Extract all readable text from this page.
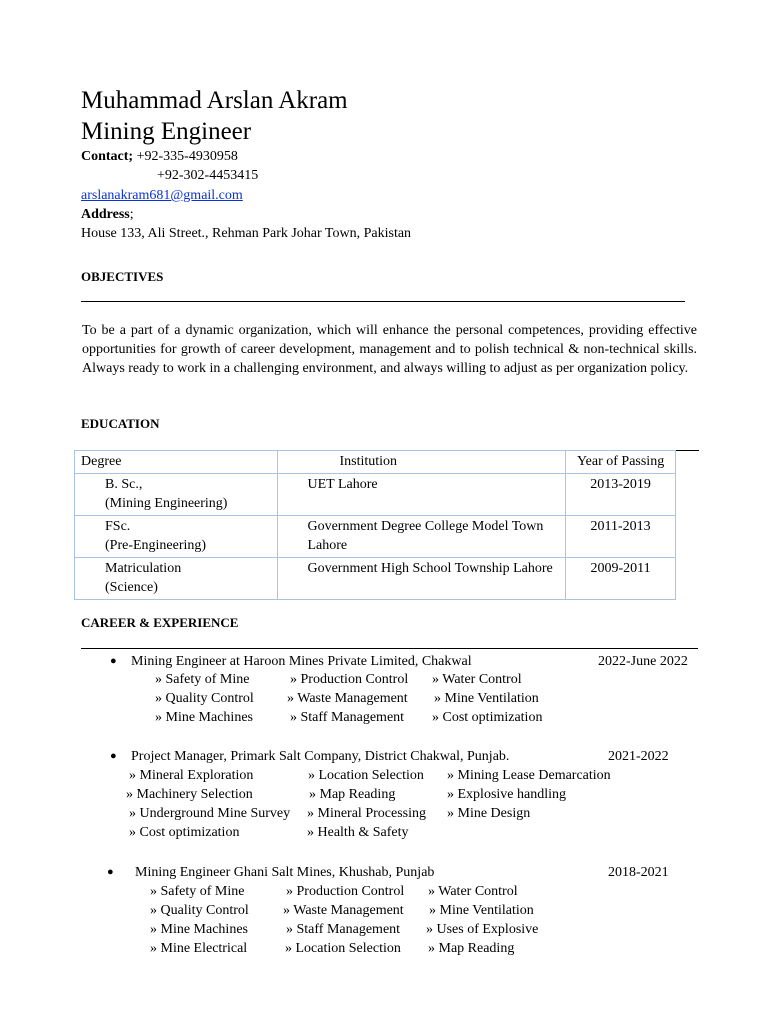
Muhammad Arslan Akram
Mining Engineer
Contact; +92-335-4930958
+92-302-4453415
arslanakram681@gmail.com
Address;
House 133, Ali Street., Rehman Park Johar Town, Pakistan
OBJECTIVES
To be a part of a dynamic organization, which will enhance the personal competences, providing effective opportunities for growth of career development, management and to polish technical & non-technical skills. Always ready to work in a challenging environment, and always willing to adjust as per organization policy.
EDUCATION
Degree	Institution	Year of Passing

B. Sc.,
(Mining Engineering)	UET Lahore	2013-2019

FSc.
(Pre-Engineering)	Government Degree College Model Town Lahore	2011-2013

Matriculation
(Science)	Government High School Township Lahore	2009-2011
CAREER & EXPERIENCE
● Mining Engineer at Haroon Mines Private Limited, Chakwal	2022-June 2022
» Safety of Mine	» Production Control » Water Control
» Quality Control » Waste Management » Mine Ventilation
» Mine Machines	» Staff Management » Cost optimization
● Project Manager, Primark Salt Company, District Chakwal, Punjab.	2021-2022
» Mineral Exploration	» Location Selection » Mining Lease Demarcation
» Machinery Selection	» Map Reading	» Explosive handling
» Underground Mine Survey » Mineral Processing » Mine Design
» Cost optimization	» Health & Safety
● Mining Engineer Ghani Salt Mines, Khushab, Punjab	2018-2021
» Safety of Mine	» Production Control » Water Control
» Quality Control » Waste Management » Mine Ventilation
» Mine Machines	» Staff Management » Uses of Explosive
» Mine Electrical	» Location Selection » Map Reading
